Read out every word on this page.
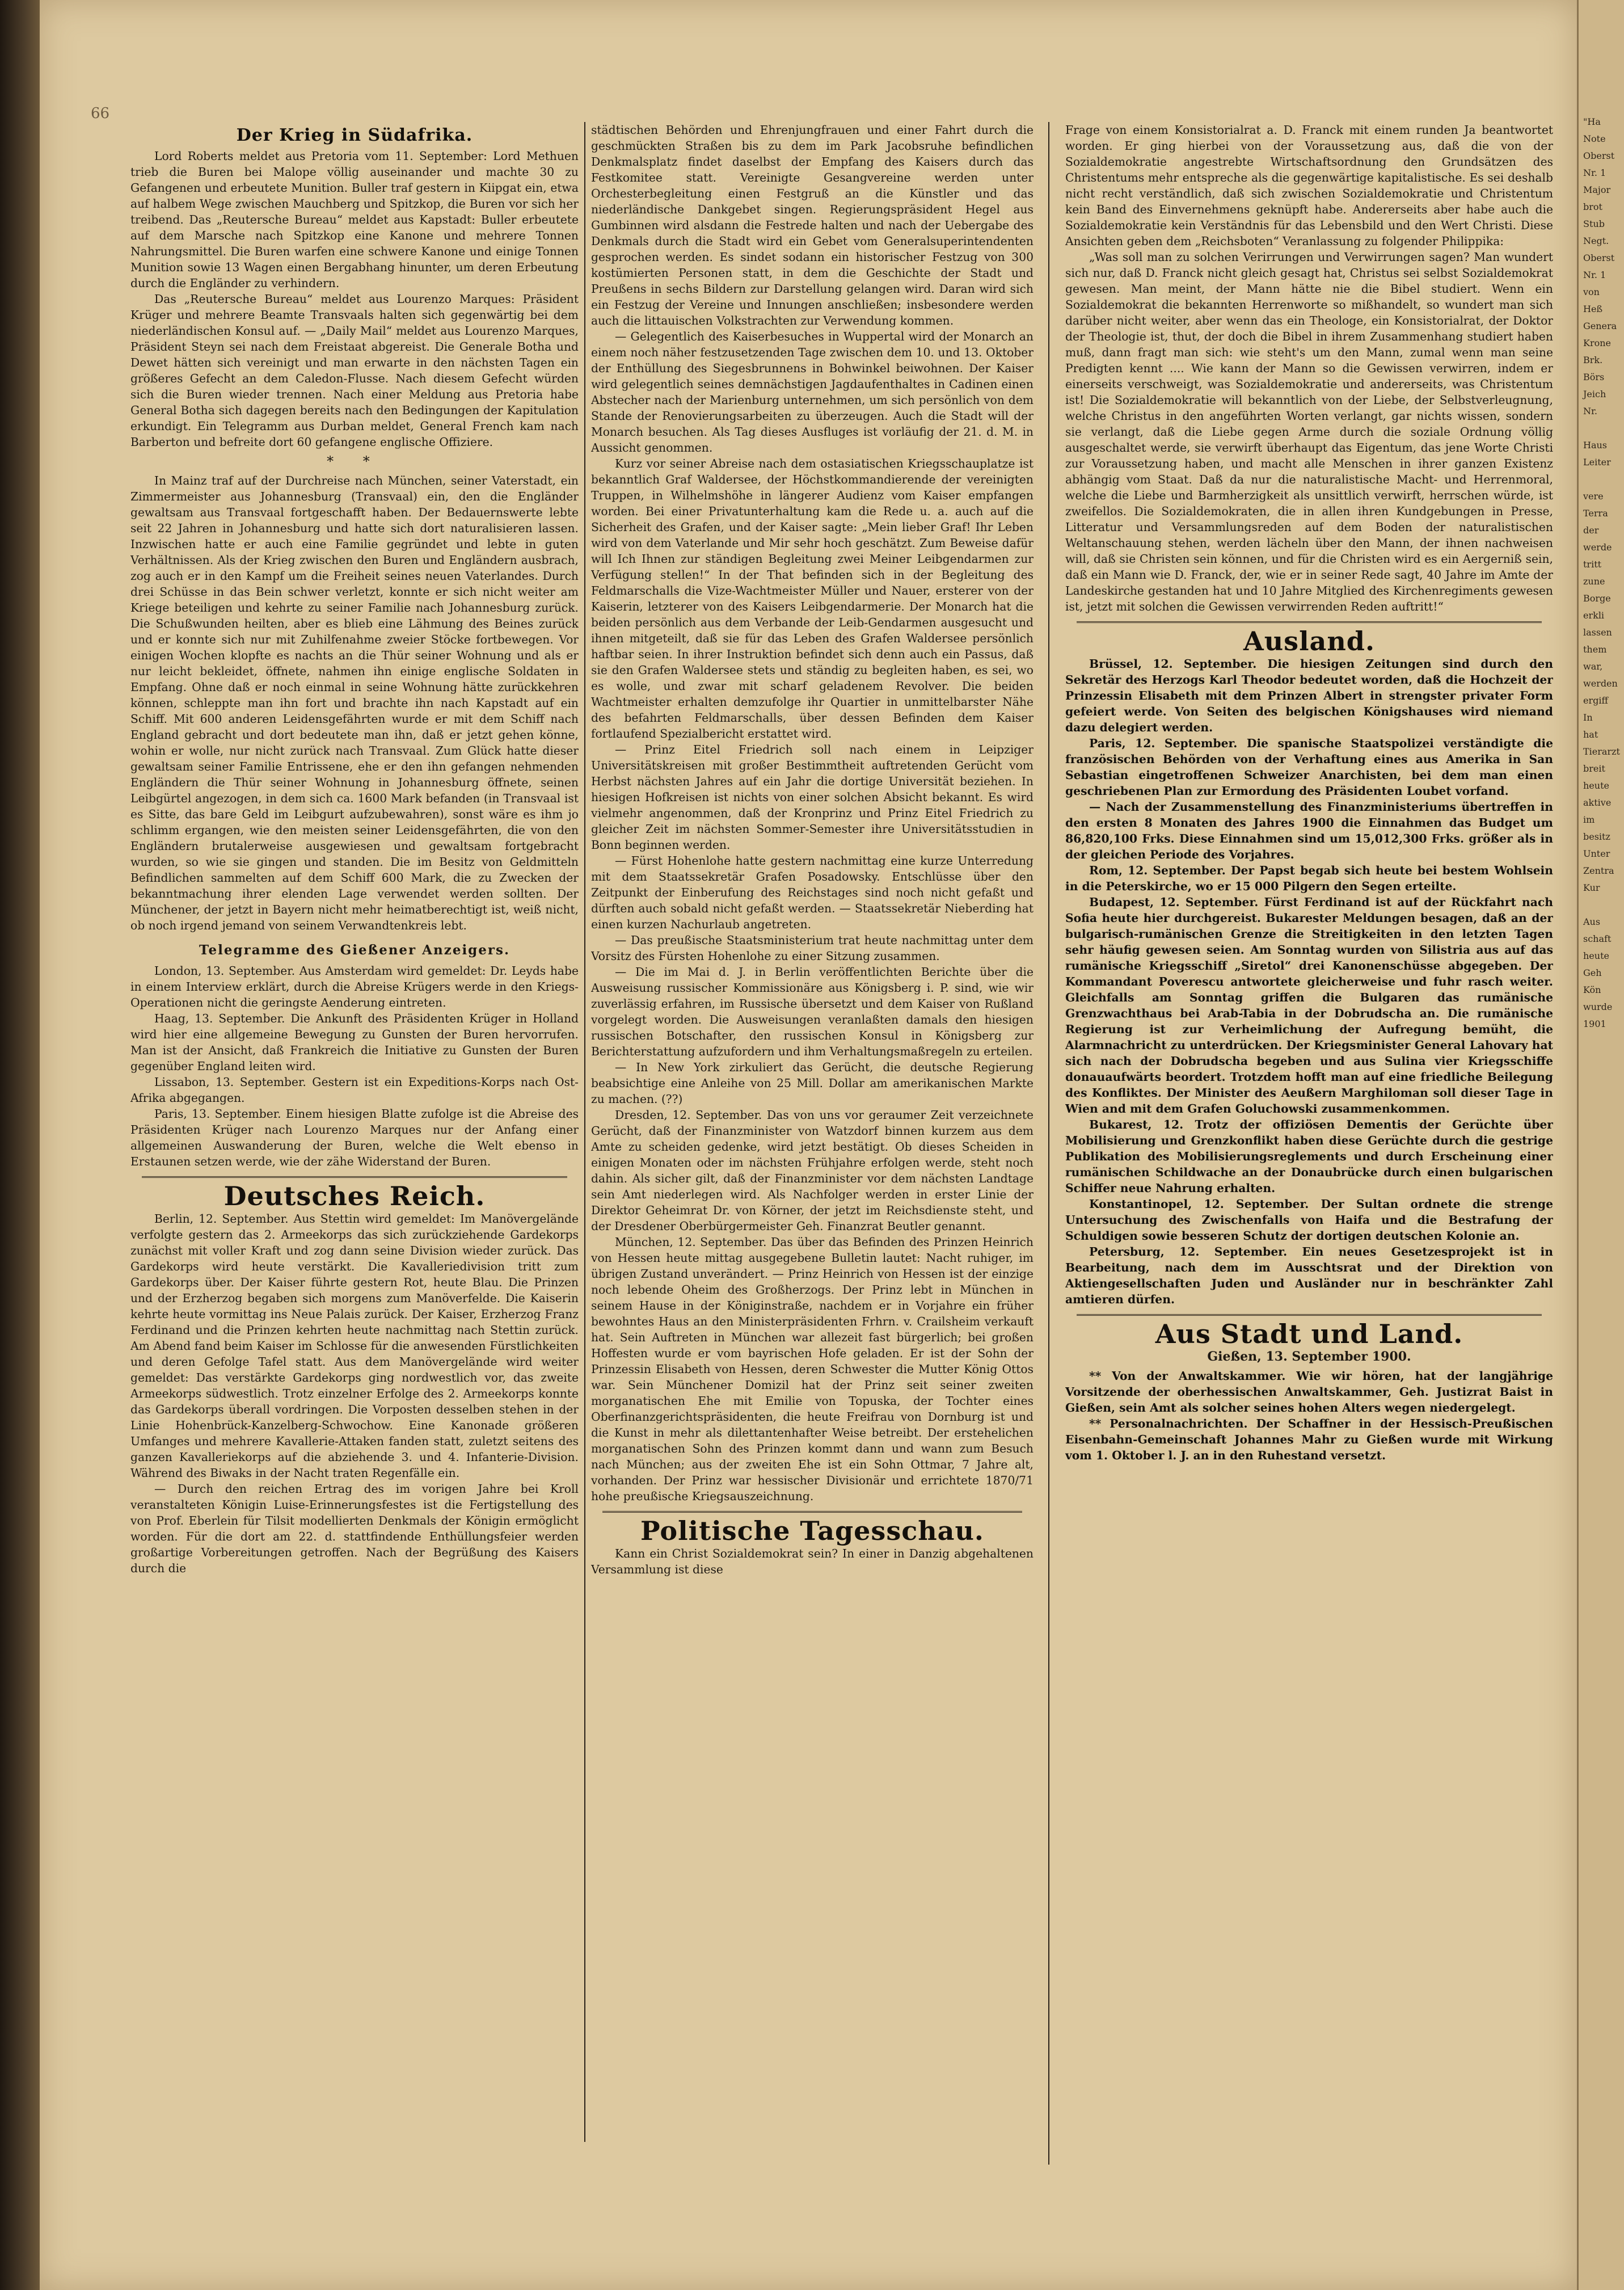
66
Der Krieg in Südafrika.

Lord Roberts meldet aus Pretoria vom 11. September: Lord Methuen trieb die Buren bei Malope völlig auseinander und machte 30 zu Gefangenen und erbeutete Munition. Buller traf gestern in Kiipgat ein, etwa auf halbem Wege zwischen Mauchberg und Spitzkop, die Buren vor sich her treibend. Das „Reutersche Bureau“ meldet aus Kapstadt: Buller erbeutete auf dem Marsche nach Spitzkop eine Kanone und mehrere Tonnen Nahrungsmittel. Die Buren warfen eine schwere Kanone und einige Tonnen Munition sowie 13 Wagen einen Bergabhang hinunter, um deren Erbeutung durch die Engländer zu verhindern.

Das „Reutersche Bureau“ meldet aus Lourenzo Marques: Präsident Krüger und mehrere Beamte Transvaals halten sich gegenwärtig bei dem niederländischen Konsul auf. — „Daily Mail“ meldet aus Lourenzo Marques, Präsident Steyn sei nach dem Freistaat abgereist. Die Generale Botha und Dewet hätten sich vereinigt und man erwarte in den nächsten Tagen ein größeres Gefecht an dem Caledon-Flusse. Nach diesem Gefecht würden sich die Buren wieder trennen. Nach einer Meldung aus Pretoria habe General Botha sich dagegen bereits nach den Bedingungen der Kapitulation erkundigt. Ein Telegramm aus Durban meldet, General French kam nach Barberton und befreite dort 60 gefangene englische Offiziere.

* *

In Mainz traf auf der Durchreise nach München, seiner Vaterstadt, ein Zimmermeister aus Johannesburg (Transvaal) ein, den die Engländer gewaltsam aus Transvaal fortgeschafft haben. Der Bedauernswerte lebte seit 22 Jahren in Johannesburg und hatte sich dort naturalisieren lassen. Inzwischen hatte er auch eine Familie gegründet und lebte in guten Verhältnissen. Als der Krieg zwischen den Buren und Engländern ausbrach, zog auch er in den Kampf um die Freiheit seines neuen Vaterlandes. Durch drei Schüsse in das Bein schwer verletzt, konnte er sich nicht weiter am Kriege beteiligen und kehrte zu seiner Familie nach Johannesburg zurück. Die Schußwunden heilten, aber es blieb eine Lähmung des Beines zurück und er konnte sich nur mit Zuhilfenahme zweier Stöcke fortbewegen. Vor einigen Wochen klopfte es nachts an die Thür seiner Wohnung und als er nur leicht bekleidet, öffnete, nahmen ihn einige englische Soldaten in Empfang. Ohne daß er noch einmal in seine Wohnung hätte zurückkehren können, schleppte man ihn fort und brachte ihn nach Kapstadt auf ein Schiff. Mit 600 anderen Leidensgefährten wurde er mit dem Schiff nach England gebracht und dort bedeutete man ihn, daß er jetzt gehen könne, wohin er wolle, nur nicht zurück nach Transvaal. Zum Glück hatte dieser gewaltsam seiner Familie Entrissene, ehe er den ihn gefangen nehmenden Engländern die Thür seiner Wohnung in Johannesburg öffnete, seinen Leibgürtel angezogen, in dem sich ca. 1600 Mark befanden (in Transvaal ist es Sitte, das bare Geld im Leibgurt aufzubewahren), sonst wäre es ihm jo schlimm ergangen, wie den meisten seiner Leidensgefährten, die von den Engländern brutalerweise ausgewiesen und gewaltsam fortgebracht wurden, so wie sie gingen und standen. Die im Besitz von Geldmitteln Befindlichen sammelten auf dem Schiff 600 Mark, die zu Zwecken der bekanntmachung ihrer elenden Lage verwendet werden sollten. Der Münchener, der jetzt in Bayern nicht mehr heimatberechtigt ist, weiß nicht, ob noch irgend jemand von seinem Verwandtenkreis lebt.

Telegramme des Gießener Anzeigers.

London, 13. September. Aus Amsterdam wird gemeldet: Dr. Leyds habe in einem Interview erklärt, durch die Abreise Krügers werde in den Kriegs-Operationen nicht die geringste Aenderung eintreten.

Haag, 13. September. Die Ankunft des Präsidenten Krüger in Holland wird hier eine allgemeine Bewegung zu Gunsten der Buren hervorrufen. Man ist der Ansicht, daß Frankreich die Initiative zu Gunsten der Buren gegenüber England leiten wird.

Lissabon, 13. September. Gestern ist ein Expeditions-Korps nach Ost-Afrika abgegangen.

Paris, 13. September. Einem hiesigen Blatte zufolge ist die Abreise des Präsidenten Krüger nach Lourenzo Marques nur der Anfang einer allgemeinen Auswanderung der Buren, welche die Welt ebenso in Erstaunen setzen werde, wie der zähe Widerstand der Buren.

Deutsches Reich.

Berlin, 12. September. Aus Stettin wird gemeldet: Im Manövergelände verfolgte gestern das 2. Armeekorps das sich zurückziehende Gardekorps zunächst mit voller Kraft und zog dann seine Division wieder zurück. Das Gardekorps wird heute verstärkt. Die Kavalleriedivision tritt zum Gardekorps über. Der Kaiser führte gestern Rot, heute Blau. Die Prinzen und der Erzherzog begaben sich morgens zum Manöverfelde. Die Kaiserin kehrte heute vormittag ins Neue Palais zurück. Der Kaiser, Erzherzog Franz Ferdinand und die Prinzen kehrten heute nachmittag nach Stettin zurück. Am Abend fand beim Kaiser im Schlosse für die anwesenden Fürstlichkeiten und deren Gefolge Tafel statt. Aus dem Manövergelände wird weiter gemeldet: Das verstärkte Gardekorps ging nordwestlich vor, das zweite Armeekorps südwestlich. Trotz einzelner Erfolge des 2. Armeekorps konnte das Gardekorps überall vordringen. Die Vorposten desselben stehen in der Linie Hohenbrück-Kanzelberg-Schwochow. Eine Kanonade größeren Umfanges und mehrere Kavallerie-Attaken fanden statt, zuletzt seitens des ganzen Kavalleriekorps auf die abziehende 3. und 4. Infanterie-Division. Während des Biwaks in der Nacht traten Regenfälle ein.

— Durch den reichen Ertrag des im vorigen Jahre bei Kroll veranstalteten Königin Luise-Erinnerungsfestes ist die Fertigstellung des von Prof. Eberlein für Tilsit modellierten Denkmals der Königin ermöglicht worden. Für die dort am 22. d. stattfindende Enthüllungsfeier werden großartige Vorbereitungen getroffen. Nach der Begrüßung des Kaisers durch die

städtischen Behörden und Ehrenjungfrauen und einer Fahrt durch die geschmückten Straßen bis zu dem im Park Jacobsruhe befindlichen Denkmalsplatz findet daselbst der Empfang des Kaisers durch das Festkomitee statt. Vereinigte Gesangvereine werden unter Orchesterbegleitung einen Festgruß an die Künstler und das niederländische Dankgebet singen. Regierungspräsident Hegel aus Gumbinnen wird alsdann die Festrede halten und nach der Uebergabe des Denkmals durch die Stadt wird ein Gebet vom Generalsuperintendenten gesprochen werden. Es sindet sodann ein historischer Festzug von 300 kostümierten Personen statt, in dem die Geschichte der Stadt und Preußens in sechs Bildern zur Darstellung gelangen wird. Daran wird sich ein Festzug der Vereine und Innungen anschließen; insbesondere werden auch die littauischen Volkstrachten zur Verwendung kommen.

— Gelegentlich des Kaiserbesuches in Wuppertal wird der Monarch an einem noch näher festzusetzenden Tage zwischen dem 10. und 13. Oktober der Enthüllung des Siegesbrunnens in Bohwinkel beiwohnen. Der Kaiser wird gelegentlich seines demnächstigen Jagdaufenthaltes in Cadinen einen Abstecher nach der Marienburg unternehmen, um sich persönlich von dem Stande der Renovierungsarbeiten zu überzeugen. Auch die Stadt will der Monarch besuchen. Als Tag dieses Ausfluges ist vorläufig der 21. d. M. in Aussicht genommen.

Kurz vor seiner Abreise nach dem ostasiatischen Kriegsschauplatze ist bekanntlich Graf Waldersee, der Höchstkommandierende der vereinigten Truppen, in Wilhelmshöhe in längerer Audienz vom Kaiser empfangen worden. Bei einer Privatunterhaltung kam die Rede u. a. auch auf die Sicherheit des Grafen, und der Kaiser sagte: „Mein lieber Graf! Ihr Leben wird von dem Vaterlande und Mir sehr hoch geschätzt. Zum Beweise dafür will Ich Ihnen zur ständigen Begleitung zwei Meiner Leibgendarmen zur Verfügung stellen!“ In der That befinden sich in der Begleitung des Feldmarschalls die Vize-Wachtmeister Müller und Nauer, ersterer von der Kaiserin, letzterer von des Kaisers Leibgendarmerie. Der Monarch hat die beiden persönlich aus dem Verbande der Leib-Gendarmen ausgesucht und ihnen mitgeteilt, daß sie für das Leben des Grafen Waldersee persönlich haftbar seien. In ihrer Instruktion befindet sich denn auch ein Passus, daß sie den Grafen Waldersee stets und ständig zu begleiten haben, es sei, wo es wolle, und zwar mit scharf geladenem Revolver. Die beiden Wachtmeister erhalten demzufolge ihr Quartier in unmittelbarster Nähe des befahrten Feldmarschalls, über dessen Befinden dem Kaiser fortlaufend Spezialbericht erstattet wird.

— Prinz Eitel Friedrich soll nach einem in Leipziger Universitätskreisen mit großer Bestimmtheit auftretenden Gerücht vom Herbst nächsten Jahres auf ein Jahr die dortige Universität beziehen. In hiesigen Hofkreisen ist nichts von einer solchen Absicht bekannt. Es wird vielmehr angenommen, daß der Kronprinz und Prinz Eitel Friedrich zu gleicher Zeit im nächsten Sommer-Semester ihre Universitätsstudien in Bonn beginnen werden.

— Fürst Hohenlohe hatte gestern nachmittag eine kurze Unterredung mit dem Staatssekretär Grafen Posadowsky. Entschlüsse über den Zeitpunkt der Einberufung des Reichstages sind noch nicht gefaßt und dürften auch sobald nicht gefaßt werden. — Staatssekretär Nieberding hat einen kurzen Nachurlaub angetreten.

— Das preußische Staatsministerium trat heute nachmittag unter dem Vorsitz des Fürsten Hohenlohe zu einer Sitzung zusammen.

— Die im Mai d. J. in Berlin veröffentlichten Berichte über die Ausweisung russischer Kommissionäre aus Königsberg i. P. sind, wie wir zuverlässig erfahren, im Russische übersetzt und dem Kaiser von Rußland vorgelegt worden. Die Ausweisungen veranlaßten damals den hiesigen russischen Botschafter, den russischen Konsul in Königsberg zur Berichterstattung aufzufordern und ihm Verhaltungsmaßregeln zu erteilen.

— In New York zirkuliert das Gerücht, die deutsche Regierung beabsichtige eine Anleihe von 25 Mill. Dollar am amerikanischen Markte zu machen. (??)

Dresden, 12. September. Das von uns vor geraumer Zeit verzeichnete Gerücht, daß der Finanzminister von Watzdorf binnen kurzem aus dem Amte zu scheiden gedenke, wird jetzt bestätigt. Ob dieses Scheiden in einigen Monaten oder im nächsten Frühjahre erfolgen werde, steht noch dahin. Als sicher gilt, daß der Finanzminister vor dem nächsten Landtage sein Amt niederlegen wird. Als Nachfolger werden in erster Linie der Direktor Geheimrat Dr. von Körner, der jetzt im Reichsdienste steht, und der Dresdener Oberbürgermeister Geh. Finanzrat Beutler genannt.

München, 12. September. Das über das Befinden des Prinzen Heinrich von Hessen heute mittag ausgegebene Bulletin lautet: Nacht ruhiger, im übrigen Zustand unverändert. — Prinz Heinrich von Hessen ist der einzige noch lebende Oheim des Großherzogs. Der Prinz lebt in München in seinem Hause in der Königinstraße, nachdem er in Vorjahre ein früher bewohntes Haus an den Ministerpräsidenten Frhrn. v. Crailsheim verkauft hat. Sein Auftreten in München war allezeit fast bürgerlich; bei großen Hoffesten wurde er vom bayrischen Hofe geladen. Er ist der Sohn der Prinzessin Elisabeth von Hessen, deren Schwester die Mutter König Ottos war. Sein Münchener Domizil hat der Prinz seit seiner zweiten morganatischen Ehe mit Emilie von Topuska, der Tochter eines Oberfinanzgerichtspräsidenten, die heute Freifrau von Dornburg ist und die Kunst in mehr als dilettantenhafter Weise betreibt. Der erstehelichen morganatischen Sohn des Prinzen kommt dann und wann zum Besuch nach München; aus der zweiten Ehe ist ein Sohn Ottmar, 7 Jahre alt, vorhanden. Der Prinz war hessischer Divisionär und errichtete 1870/71 hohe preußische Kriegsauszeichnung.

Politische Tagesschau.

Kann ein Christ Sozialdemokrat sein? In einer in Danzig abgehaltenen Versammlung ist diese

Frage von einem Konsistorialrat a. D. Franck mit einem runden Ja beantwortet worden. Er ging hierbei von der Voraussetzung aus, daß die von der Sozialdemokratie angestrebte Wirtschaftsordnung den Grundsätzen des Christentums mehr entspreche als die gegenwärtige kapitalistische. Es sei deshalb nicht recht verständlich, daß sich zwischen Sozialdemokratie und Christentum kein Band des Einvernehmens geknüpft habe. Andererseits aber habe auch die Sozialdemokratie kein Verständnis für das Lebensbild und den Wert Christi. Diese Ansichten geben dem „Reichsboten“ Veranlassung zu folgender Philippika:

„Was soll man zu solchen Verirrungen und Verwirrungen sagen? Man wundert sich nur, daß D. Franck nicht gleich gesagt hat, Christus sei selbst Sozialdemokrat gewesen. Man meint, der Mann hätte nie die Bibel studiert. Wenn ein Sozialdemokrat die bekannten Herrenworte so mißhandelt, so wundert man sich darüber nicht weiter, aber wenn das ein Theologe, ein Konsistorialrat, der Doktor der Theologie ist, thut, der doch die Bibel in ihrem Zusammenhang studiert haben muß, dann fragt man sich: wie steht's um den Mann, zumal wenn man seine Predigten kennt .... Wie kann der Mann so die Gewissen verwirren, indem er einerseits verschweigt, was Sozialdemokratie und andererseits, was Christentum ist! Die Sozialdemokratie will bekanntlich von der Liebe, der Selbstverleugnung, welche Christus in den angeführten Worten verlangt, gar nichts wissen, sondern sie verlangt, daß die Liebe gegen Arme durch die soziale Ordnung völlig ausgeschaltet werde, sie verwirft überhaupt das Eigentum, das jene Worte Christi zur Voraussetzung haben, und macht alle Menschen in ihrer ganzen Existenz abhängig vom Staat. Daß da nur die naturalistische Macht- und Herrenmoral, welche die Liebe und Barmherzigkeit als unsittlich verwirft, herrschen würde, ist zweifellos. Die Sozialdemokraten, die in allen ihren Kundgebungen in Presse, Litteratur und Versammlungsreden auf dem Boden der naturalistischen Weltanschauung stehen, werden lächeln über den Mann, der ihnen nachweisen will, daß sie Christen sein können, und für die Christen wird es ein Aergerniß sein, daß ein Mann wie D. Franck, der, wie er in seiner Rede sagt, 40 Jahre im Amte der Landeskirche gestanden hat und 10 Jahre Mitglied des Kirchenregiments gewesen ist, jetzt mit solchen die Gewissen verwirrenden Reden auftritt!“

Ausland.

Brüssel, 12. September. Die hiesigen Zeitungen sind durch den Sekretär des Herzogs Karl Theodor bedeutet worden, daß die Hochzeit der Prinzessin Elisabeth mit dem Prinzen Albert in strengster privater Form gefeiert werde. Von Seiten des belgischen Königshauses wird niemand dazu delegiert werden.

Paris, 12. September. Die spanische Staatspolizei verständigte die französischen Behörden von der Verhaftung eines aus Amerika in San Sebastian eingetroffenen Schweizer Anarchisten, bei dem man einen geschriebenen Plan zur Ermordung des Präsidenten Loubet vorfand.

— Nach der Zusammenstellung des Finanzministeriums übertreffen in den ersten 8 Monaten des Jahres 1900 die Einnahmen das Budget um 86,820,100 Frks. Diese Einnahmen sind um 15,012,300 Frks. größer als in der gleichen Periode des Vorjahres.

Rom, 12. September. Der Papst begab sich heute bei bestem Wohlsein in die Peterskirche, wo er 15 000 Pilgern den Segen erteilte.

Budapest, 12. September. Fürst Ferdinand ist auf der Rückfahrt nach Sofia heute hier durchgereist. Bukarester Meldungen besagen, daß an der bulgarisch-rumänischen Grenze die Streitigkeiten in den letzten Tagen sehr häufig gewesen seien. Am Sonntag wurden von Silistria aus auf das rumänische Kriegsschiff „Siretol“ drei Kanonenschüsse abgegeben. Der Kommandant Poverescu antwortete gleicherweise und fuhr rasch weiter. Gleichfalls am Sonntag griffen die Bulgaren das rumänische Grenzwachthaus bei Arab-Tabia in der Dobrudscha an. Die rumänische Regierung ist zur Verheimlichung der Aufregung bemüht, die Alarmnachricht zu unterdrücken. Der Kriegsminister General Lahovary hat sich nach der Dobrudscha begeben und aus Sulina vier Kriegsschiffe donauaufwärts beordert. Trotzdem hofft man auf eine friedliche Beilegung des Konfliktes. Der Minister des Aeußern Marghiloman soll dieser Tage in Wien and mit dem Grafen Goluchowski zusammenkommen.

Bukarest, 12. Trotz der offiziösen Dementis der Gerüchte über Mobilisierung und Grenzkonflikt haben diese Gerüchte durch die gestrige Publikation des Mobilisierungsreglements und durch Erscheinung einer rumänischen Schildwache an der Donaubrücke durch einen bulgarischen Schiffer neue Nahrung erhalten.

Konstantinopel, 12. September. Der Sultan ordnete die strenge Untersuchung des Zwischenfalls von Haifa und die Bestrafung der Schuldigen sowie besseren Schutz der dortigen deutschen Kolonie an.

Petersburg, 12. September. Ein neues Gesetzesprojekt ist in Bearbeitung, nach dem im Ausschtsrat und der Direktion von Aktiengesellschaften Juden und Ausländer nur in beschränkter Zahl amtieren dürfen.

Aus Stadt und Land.
Gießen, 13. September 1900.

** Von der Anwaltskammer. Wie wir hören, hat der langjährige Vorsitzende der oberhessischen Anwaltskammer, Geh. Justizrat Baist in Gießen, sein Amt als solcher seines hohen Alters wegen niedergelegt.

** Personalnachrichten. Der Schaffner in der Hessisch-Preußischen Eisenbahn-Gemeinschaft Johannes Mahr zu Gießen wurde mit Wirkung vom 1. Oktober l. J. an in den Ruhestand versetzt.

"Ha
Note
Oberst
Nr. 1
Major
brot
Stub
Negt.
Oberst
Nr. 1
von
Heß
Genera
Krone
Brk.
Börs
Jeich
Nr.

Haus
Leiter

vere
Terra
der
werde
tritt
zune
Borge
erkli
lassen
them
war,
werden
ergiff
In
hat
Tierarzt
breit
heute
aktive
im
besitz
Unter
Zentra
Kur

Aus
schaft
heute
Geh
Kön
wurde
1901
